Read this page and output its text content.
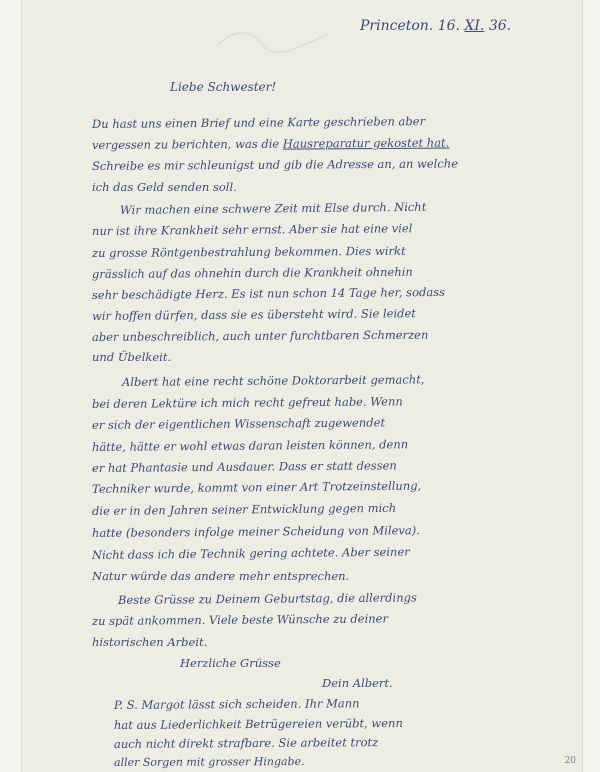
Princeton. 16. XI. 36.
Liebe Schwester!
Du hast uns einen Brief und eine Karte geschrieben aber
vergessen zu berichten, was die Hausreparatur gekostet hat.
Schreibe es mir schleunigst und gib die Adresse an, an welche
ich das Geld senden soll.
Wir machen eine schwere Zeit mit Else durch. Nicht
nur ist ihre Krankheit sehr ernst. Aber sie hat eine viel
zu grosse Röntgenbestrahlung bekommen. Dies wirkt
grässlich auf das ohnehin durch die Krankheit ohnehin
sehr beschädigte Herz. Es ist nun schon 14 Tage her, sodass
wir hoffen dürfen, dass sie es übersteht wird. Sie leidet
aber unbeschreiblich, auch unter furchtbaren Schmerzen
und Übelkeit.
Albert hat eine recht schöne Doktorarbeit gemacht,
bei deren Lektüre ich mich recht gefreut habe. Wenn
er sich der eigentlichen Wissenschaft zugewendet
hätte, hätte er wohl etwas daran leisten können, denn
er hat Phantasie und Ausdauer. Dass er statt dessen
Techniker wurde, kommt von einer Art Trotzeinstellung,
die er in den Jahren seiner Entwicklung gegen mich
hatte (besonders infolge meiner Scheidung von Mileva).
Nicht dass ich die Technik gering achtete. Aber seiner
Natur würde das andere mehr entsprechen.
Beste Grüsse zu Deinem Geburtstag, die allerdings
zu spät ankommen. Viele beste Wünsche zu deiner
historischen Arbeit.
Herzliche Grüsse
Dein Albert.
P. S. Margot lässt sich scheiden. Ihr Mann
hat aus Liederlichkeit Betrügereien verübt, wenn
auch nicht direkt strafbare. Sie arbeitet trotz
aller Sorgen mit grosser Hingabe.	20
